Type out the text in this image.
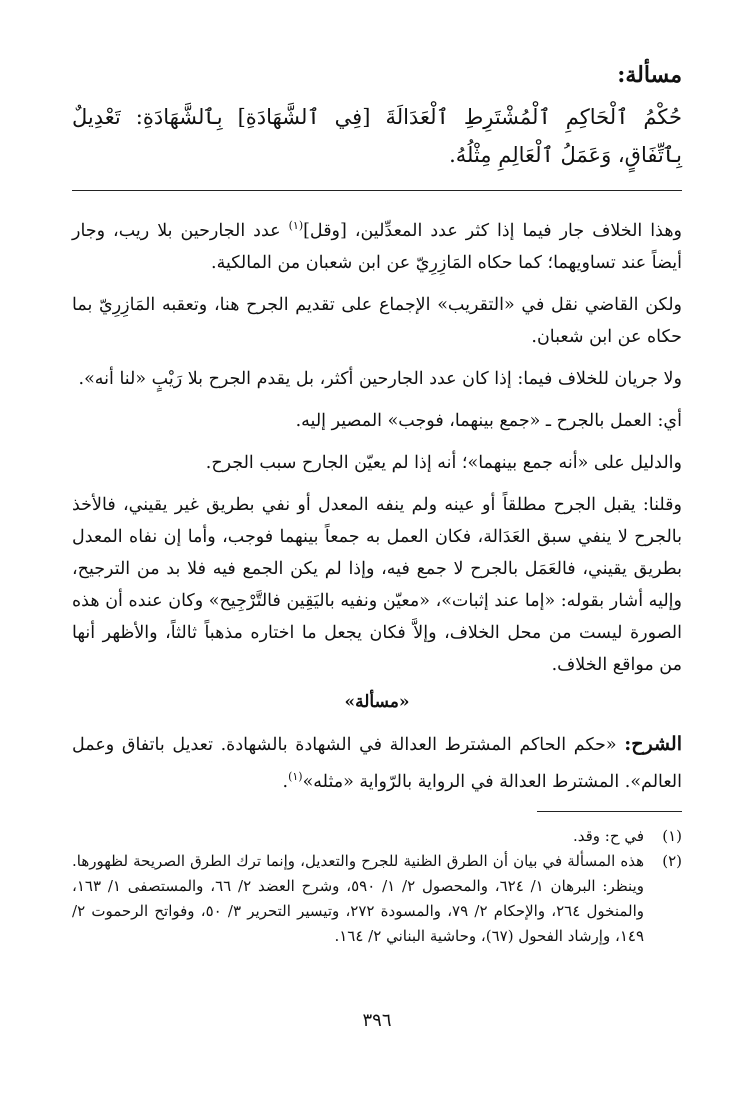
مسألة:
حُكْمُ ٱلْحَاكِمِ ٱلْمُشْتَرِطِ ٱلْعَدَالَةَ [فِي ٱلشَّهَادَةِ] بِٱلشَّهَادَةِ: تَعْدِيلٌ بِٱتِّفَاقٍ، وَعَمَلُ ٱلْعَالِمِ مِثْلُهُ.

وهذا الخلاف جار فيما إذا كثر عدد المعدِّلين، [وقل]$^{(١)}$ عدد الجارحين بلا ريب، وجار أيضاً عند تساويهما؛ كما حكاه المَازِرِيّ عن ابن شعبان من المالكية.

ولكن القاضي نقل في «التقريب» الإجماع على تقديم الجرح هنا، وتعقبه المَازِرِيّ بما حكاه عن ابن شعبان.

ولا جريان للخلاف فيما: إذا كان عدد الجارحين أكثر، بل يقدم الجرح بلا رَيْبٍ «لنا أنه».

أي: العمل بالجرح ـ «جمع بينهما، فوجب» المصير إليه.

والدليل على «أنه جمع بينهما»؛ أنه إذا لم يعيّن الجارح سبب الجرح.

وقلنا: يقبل الجرح مطلقاً أو عينه ولم ينفه المعدل أو نفي بطريق غير يقيني، فالأخذ بالجرح لا ينفي سبق العَدَالة، فكان العمل به جمعاً بينهما فوجب، وأما إن نفاه المعدل بطريق يقيني، فالعَمَل بالجرح لا جمع فيه، وإذا لم يكن الجمع فيه فلا بد من الترجيح، وإليه أشار بقوله: «إما عند إثبات»، «معيّن ونفيه باليَقِين فالتَّرْجِيح» وكان عنده أن هذه الصورة ليست من محل الخلاف، وإلاَّ فكان يجعل ما اختاره مذهباً ثالثاً، والأظهر أنها من مواقع الخلاف.

«مسألة»
الشرح: «حكم الحاكم المشترط العدالة في الشهادة بالشهادة. تعديل باتفاق وعمل العالم». المشترط العدالة في الرواية بالرّواية «مثله»$^{(١)}$.
(١)
في ح: وقد.
(٢)
هذه المسألة في بيان أن الطرق الظنية للجرح والتعديل، وإنما ترك الطرق الصريحة لظهورها. وينظر: البرهان ١/ ٦٢٤، والمحصول ٢/ ١/ ٥٩٠، وشرح العضد ٢/ ٦٦، والمستصفى ١/ ١٦٣، والمنخول ٢٦٤، والإحكام ٢/ ٧٩، والمسودة ٢٧٢، وتيسير التحرير ٣/ ٥٠، وفواتح الرحموت ٢/ ١٤٩، وإرشاد الفحول (٦٧)، وحاشية البناني ٢/ ١٦٤.
٣٩٦
